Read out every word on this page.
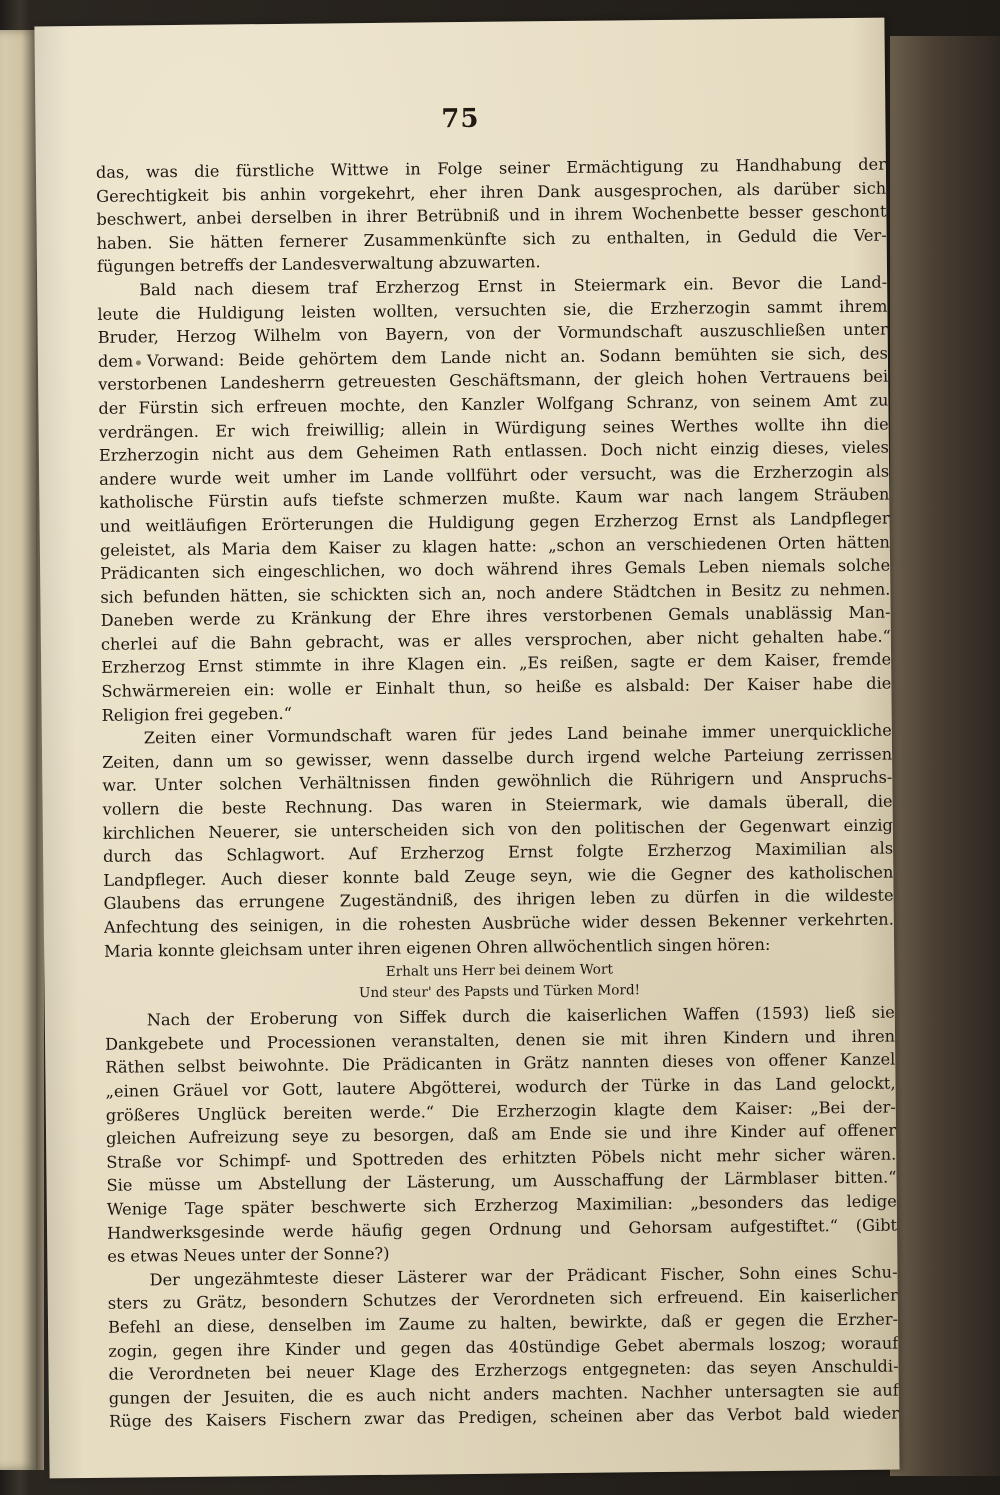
75
das, was die fürstliche Wittwe in Folge seiner Ermächtigung zu Handhabung der
Gerechtigkeit bis anhin vorgekehrt, eher ihren Dank ausgesprochen, als darüber sich
beschwert, anbei derselben in ihrer Betrübniß und in ihrem Wochenbette besser geschont
haben. Sie hätten fernerer Zusammenkünfte sich zu enthalten, in Geduld die Ver-
fügungen betreffs der Landesverwaltung abzuwarten.
Bald nach diesem traf Erzherzog Ernst in Steiermark ein. Bevor die Land-
leute die Huldigung leisten wollten, versuchten sie, die Erzherzogin sammt ihrem
Bruder, Herzog Wilhelm von Bayern, von der Vormundschaft auszuschließen unter
dem Vorwand: Beide gehörtem dem Lande nicht an. Sodann bemühten sie sich, des
verstorbenen Landesherrn getreuesten Geschäftsmann, der gleich hohen Vertrauens bei
der Fürstin sich erfreuen mochte, den Kanzler Wolfgang Schranz, von seinem Amt zu
verdrängen. Er wich freiwillig; allein in Würdigung seines Werthes wollte ihn die
Erzherzogin nicht aus dem Geheimen Rath entlassen. Doch nicht einzig dieses, vieles
andere wurde weit umher im Lande vollführt oder versucht, was die Erzherzogin als
katholische Fürstin aufs tiefste schmerzen mußte. Kaum war nach langem Sträuben
und weitläufigen Erörterungen die Huldigung gegen Erzherzog Ernst als Landpfleger
geleistet, als Maria dem Kaiser zu klagen hatte: „schon an verschiedenen Orten hätten
Prädicanten sich eingeschlichen, wo doch während ihres Gemals Leben niemals solche
sich befunden hätten, sie schickten sich an, noch andere Städtchen in Besitz zu nehmen.
Daneben werde zu Kränkung der Ehre ihres verstorbenen Gemals unablässig Man-
cherlei auf die Bahn gebracht, was er alles versprochen, aber nicht gehalten habe.“
Erzherzog Ernst stimmte in ihre Klagen ein. „Es reißen, sagte er dem Kaiser, fremde
Schwärmereien ein: wolle er Einhalt thun, so heiße es alsbald: Der Kaiser habe die
Religion frei gegeben.“
Zeiten einer Vormundschaft waren für jedes Land beinahe immer unerquickliche
Zeiten, dann um so gewisser, wenn dasselbe durch irgend welche Parteiung zerrissen
war. Unter solchen Verhältnissen finden gewöhnlich die Rührigern und Anspruchs-
vollern die beste Rechnung. Das waren in Steiermark, wie damals überall, die
kirchlichen Neuerer, sie unterscheiden sich von den politischen der Gegenwart einzig
durch das Schlagwort. Auf Erzherzog Ernst folgte Erzherzog Maximilian als
Landpfleger. Auch dieser konnte bald Zeuge seyn, wie die Gegner des katholischen
Glaubens das errungene Zugeständniß, des ihrigen leben zu dürfen in die wildeste
Anfechtung des seinigen, in die rohesten Ausbrüche wider dessen Bekenner verkehrten.
Maria konnte gleichsam unter ihren eigenen Ohren allwöchentlich singen hören:
Erhalt uns Herr bei deinem Wort
Und steur' des Papsts und Türken Mord!
Nach der Eroberung von Siffek durch die kaiserlichen Waffen (1593) ließ sie
Dankgebete und Processionen veranstalten, denen sie mit ihren Kindern und ihren
Räthen selbst beiwohnte. Die Prädicanten in Grätz nannten dieses von offener Kanzel
„einen Gräuel vor Gott, lautere Abgötterei, wodurch der Türke in das Land gelockt,
größeres Unglück bereiten werde.“ Die Erzherzogin klagte dem Kaiser: „Bei der-
gleichen Aufreizung seye zu besorgen, daß am Ende sie und ihre Kinder auf offener
Straße vor Schimpf- und Spottreden des erhitzten Pöbels nicht mehr sicher wären.
Sie müsse um Abstellung der Lästerung, um Ausschaffung der Lärmblaser bitten.“
Wenige Tage später beschwerte sich Erzherzog Maximilian: „besonders das ledige
Handwerksgesinde werde häufig gegen Ordnung und Gehorsam aufgestiftet.“ (Gibt
es etwas Neues unter der Sonne?)
Der ungezähmteste dieser Lästerer war der Prädicant Fischer, Sohn eines Schu-
sters zu Grätz, besondern Schutzes der Verordneten sich erfreuend. Ein kaiserlicher
Befehl an diese, denselben im Zaume zu halten, bewirkte, daß er gegen die Erzher-
zogin, gegen ihre Kinder und gegen das 40stündige Gebet abermals loszog; worauf
die Verordneten bei neuer Klage des Erzherzogs entgegneten: das seyen Anschuldi-
gungen der Jesuiten, die es auch nicht anders machten. Nachher untersagten sie auf
Rüge des Kaisers Fischern zwar das Predigen, scheinen aber das Verbot bald wieder
